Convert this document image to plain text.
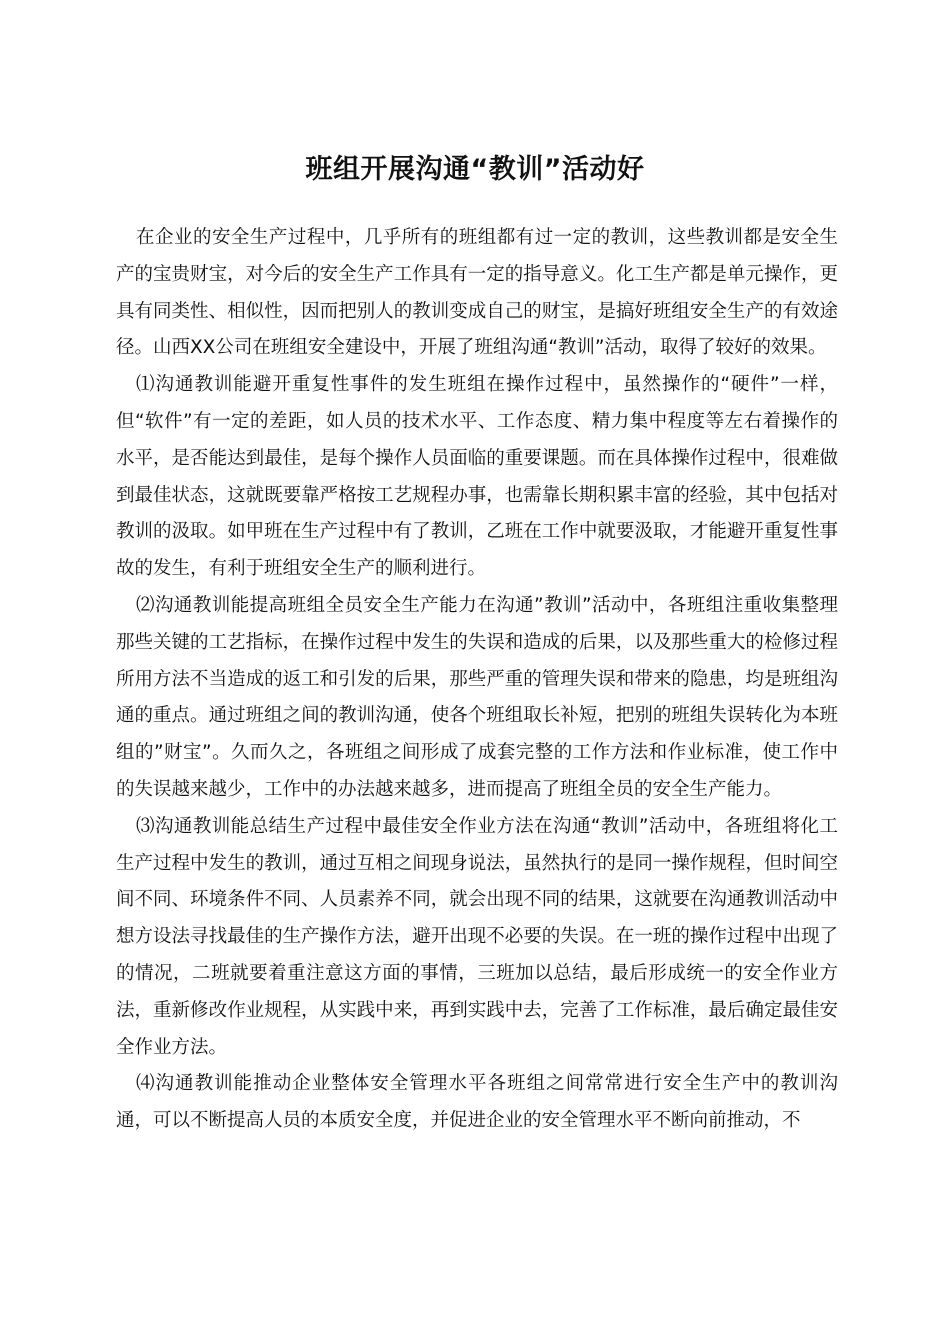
班组开展沟通“教训”活动好

在企业的安全生产过程中，几乎所有的班组都有过一定的教训，这些教训都是安全生产的宝贵财宝，对今后的安全生产工作具有一定的指导意义。化工生产都是单元操作，更具有同类性、相似性，因而把别人的教训变成自己的财宝，是搞好班组安全生产的有效途径。山西XX公司在班组安全建设中，开展了班组沟通“教训”活动，取得了较好的效果。

⑴沟通教训能避开重复性事件的发生班组在操作过程中，虽然操作的“硬件”一样，但“软件”有一定的差距，如人员的技术水平、工作态度、精力集中程度等左右着操作的水平，是否能达到最佳，是每个操作人员面临的重要课题。而在具体操作过程中，很难做到最佳状态，这就既要靠严格按工艺规程办事，也需靠长期积累丰富的经验，其中包括对教训的汲取。如甲班在生产过程中有了教训，乙班在工作中就要汲取，才能避开重复性事故的发生，有利于班组安全生产的顺利进行。

⑵沟通教训能提高班组全员安全生产能力在沟通”教训”活动中，各班组注重收集整理那些关键的工艺指标，在操作过程中发生的失误和造成的后果，以及那些重大的检修过程所用方法不当造成的返工和引发的后果，那些严重的管理失误和带来的隐患，均是班组沟通的重点。通过班组之间的教训沟通，使各个班组取长补短，把别的班组失误转化为本班组的”财宝”。久而久之，各班组之间形成了成套完整的工作方法和作业标准，使工作中的失误越来越少，工作中的办法越来越多，进而提高了班组全员的安全生产能力。

⑶沟通教训能总结生产过程中最佳安全作业方法在沟通“教训”活动中，各班组将化工生产过程中发生的教训，通过互相之间现身说法，虽然执行的是同一操作规程，但时间空间不同、环境条件不同、人员素养不同，就会出现不同的结果，这就要在沟通教训活动中想方设法寻找最佳的生产操作方法，避开出现不必要的失误。在一班的操作过程中出现了的情况，二班就要着重注意这方面的事情，三班加以总结，最后形成统一的安全作业方法，重新修改作业规程，从实践中来，再到实践中去，完善了工作标准，最后确定最佳安全作业方法。

⑷沟通教训能推动企业整体安全管理水平各班组之间常常进行安全生产中的教训沟通，可以不断提高人员的本质安全度，并促进企业的安全管理水平不断向前推动，不
